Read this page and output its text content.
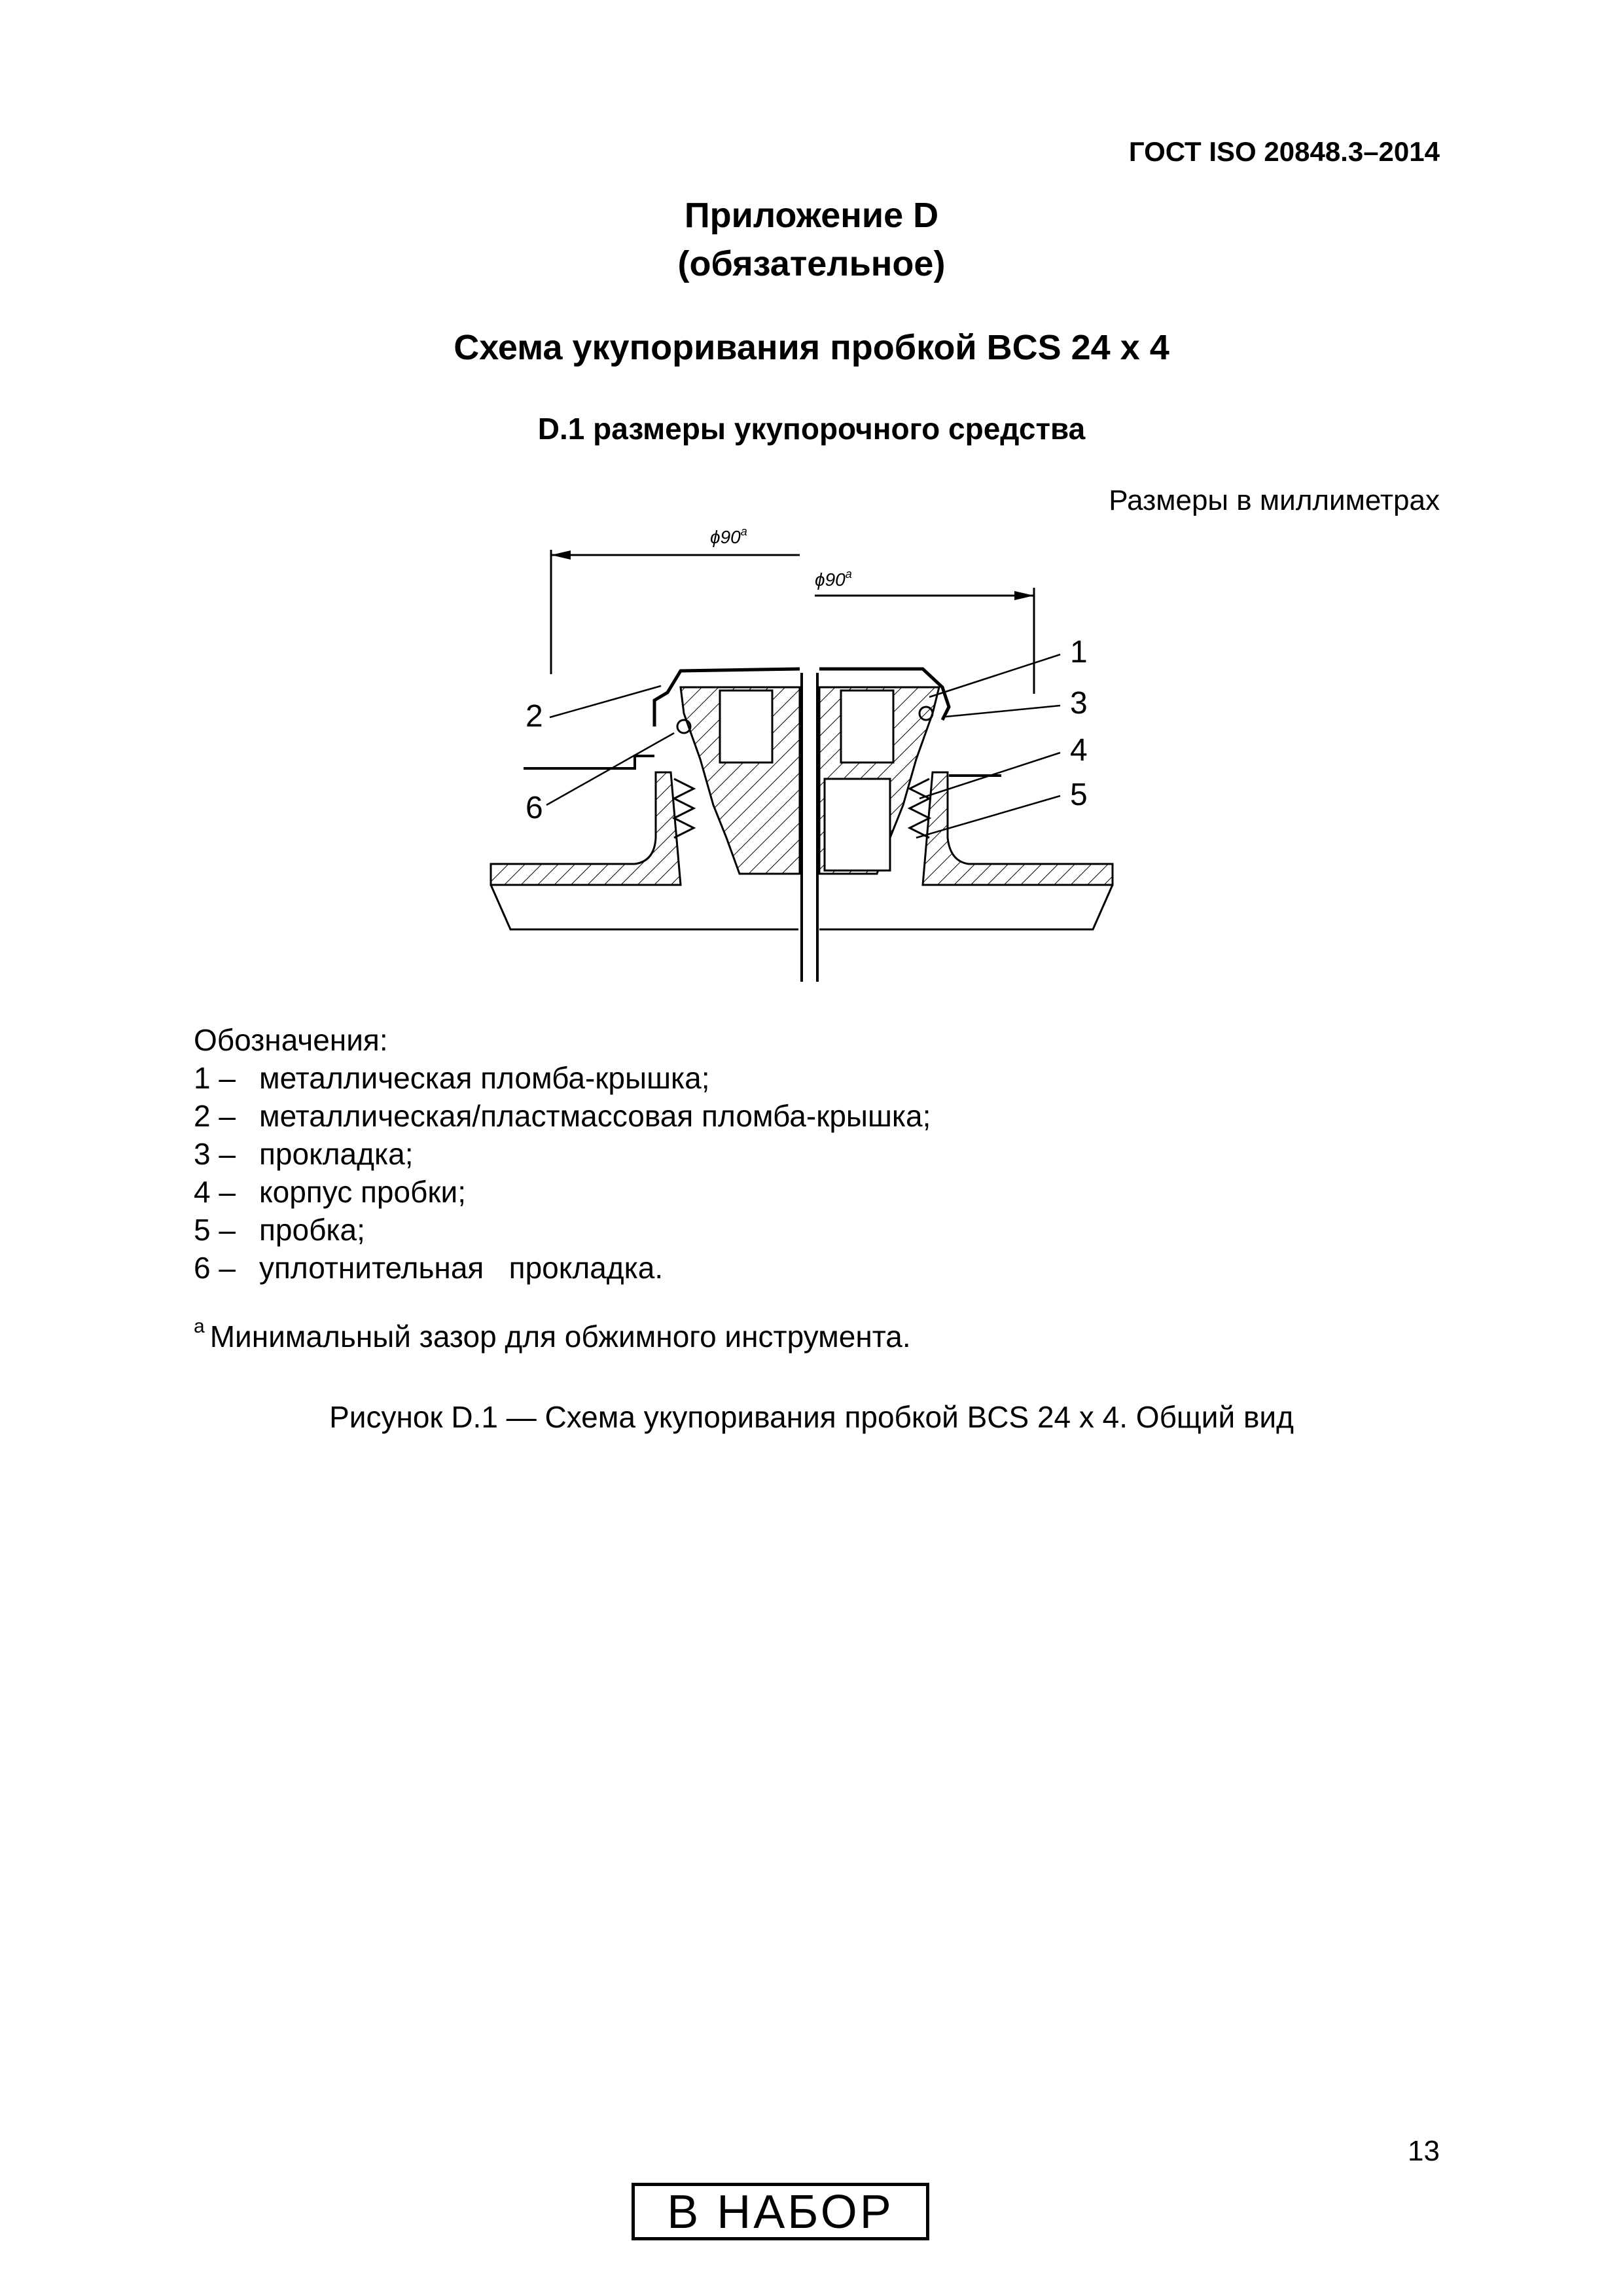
ГОСТ ISO 20848.3–2014
Приложение D
(обязательное)
Схема укупоривания пробкой BCS 24 x 4
D.1 размеры укупорочного средства
Размеры в миллиметрах
ϕ90$^a$
ϕ90$^a$
1
2	3
4
5
6
Обозначения:
1 – металлическая пломба-крышка;
2 – металлическая/пластмассовая пломба-крышка;
3 – прокладка;
4 – корпус пробки;
5 – пробка;
6 – уплотнительная   прокладка.
$^a$ Минимальный зазор для обжимного инструмента.
Рисунок D.1 — Схема укупоривания пробкой BCS 24 x 4. Общий вид
13
В НАБОР
